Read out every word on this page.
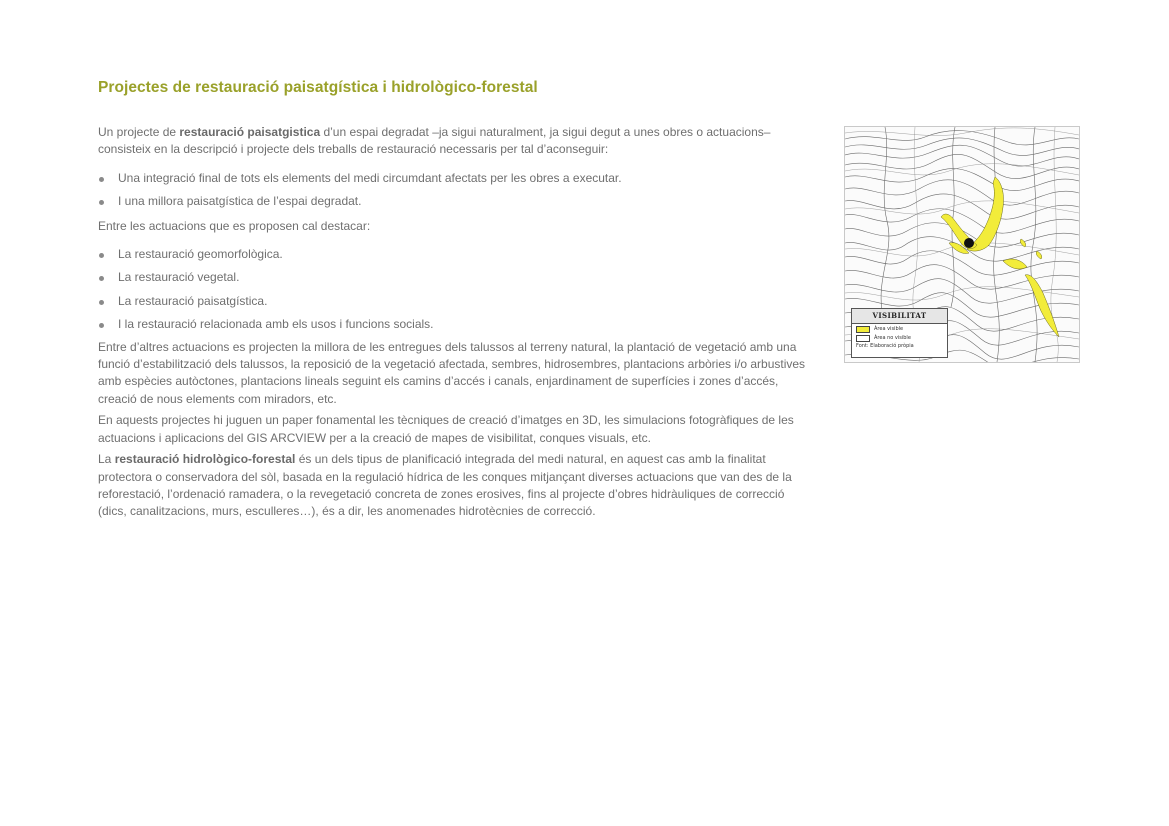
Projectes de restauració paisatgística i hidrològico-forestal

Un projecte de restauració paisatgistica d’un espai degradat –ja sigui naturalment, ja sigui degut a unes obres o actuacions– consisteix en la descripció i projecte dels treballs de restauració necessaris per tal d’aconseguir:

Una integració final de tots els elements del medi circumdant afectats per les obres a executar.
I una millora paisatgística de l’espai degradat.

Entre les actuacions que es proposen cal destacar:

La restauració geomorfològica.
La restauració vegetal.
La restauració paisatgística.
I la restauració relacionada amb els usos i funcions socials.

Entre d’altres actuacions es projecten la millora de les entregues dels talussos al terreny natural, la plantació de vegetació amb una funció d’estabilització dels talussos, la reposició de la vegetació afectada, sembres, hidrosembres, plantacions arbòries i/o arbustives amb espècies autòctones, plantacions lineals seguint els camins d’accés i canals, enjardinament de superfícies i zones d’accés, creació de nous elements com miradors, etc.

En aquests projectes hi juguen un paper fonamental les tècniques de creació d’imatges en 3D, les simulacions fotogràfiques de les actuacions i aplicacions del GIS ARCVIEW per a la creació de mapes de visibilitat, conques visuals, etc.

La restauració hidrològico-forestal és un dels tipus de planificació integrada del medi natural, en aquest cas amb la finalitat protectora o conservadora del sòl, basada en la regulació hídrica de les conques mitjançant diverses actuacions que van des de la reforestació, l’ordenació ramadera, o la revegetació concreta de zones erosives, fins al projecte d’obres hidràuliques de correcció (dics, canalitzacions, murs, esculleres…), és a dir, les anomenades hidrotècnies de correcció.

VISIBILITAT
Àrea visible
Àrea no visible
Font: Elaboració pròpia
